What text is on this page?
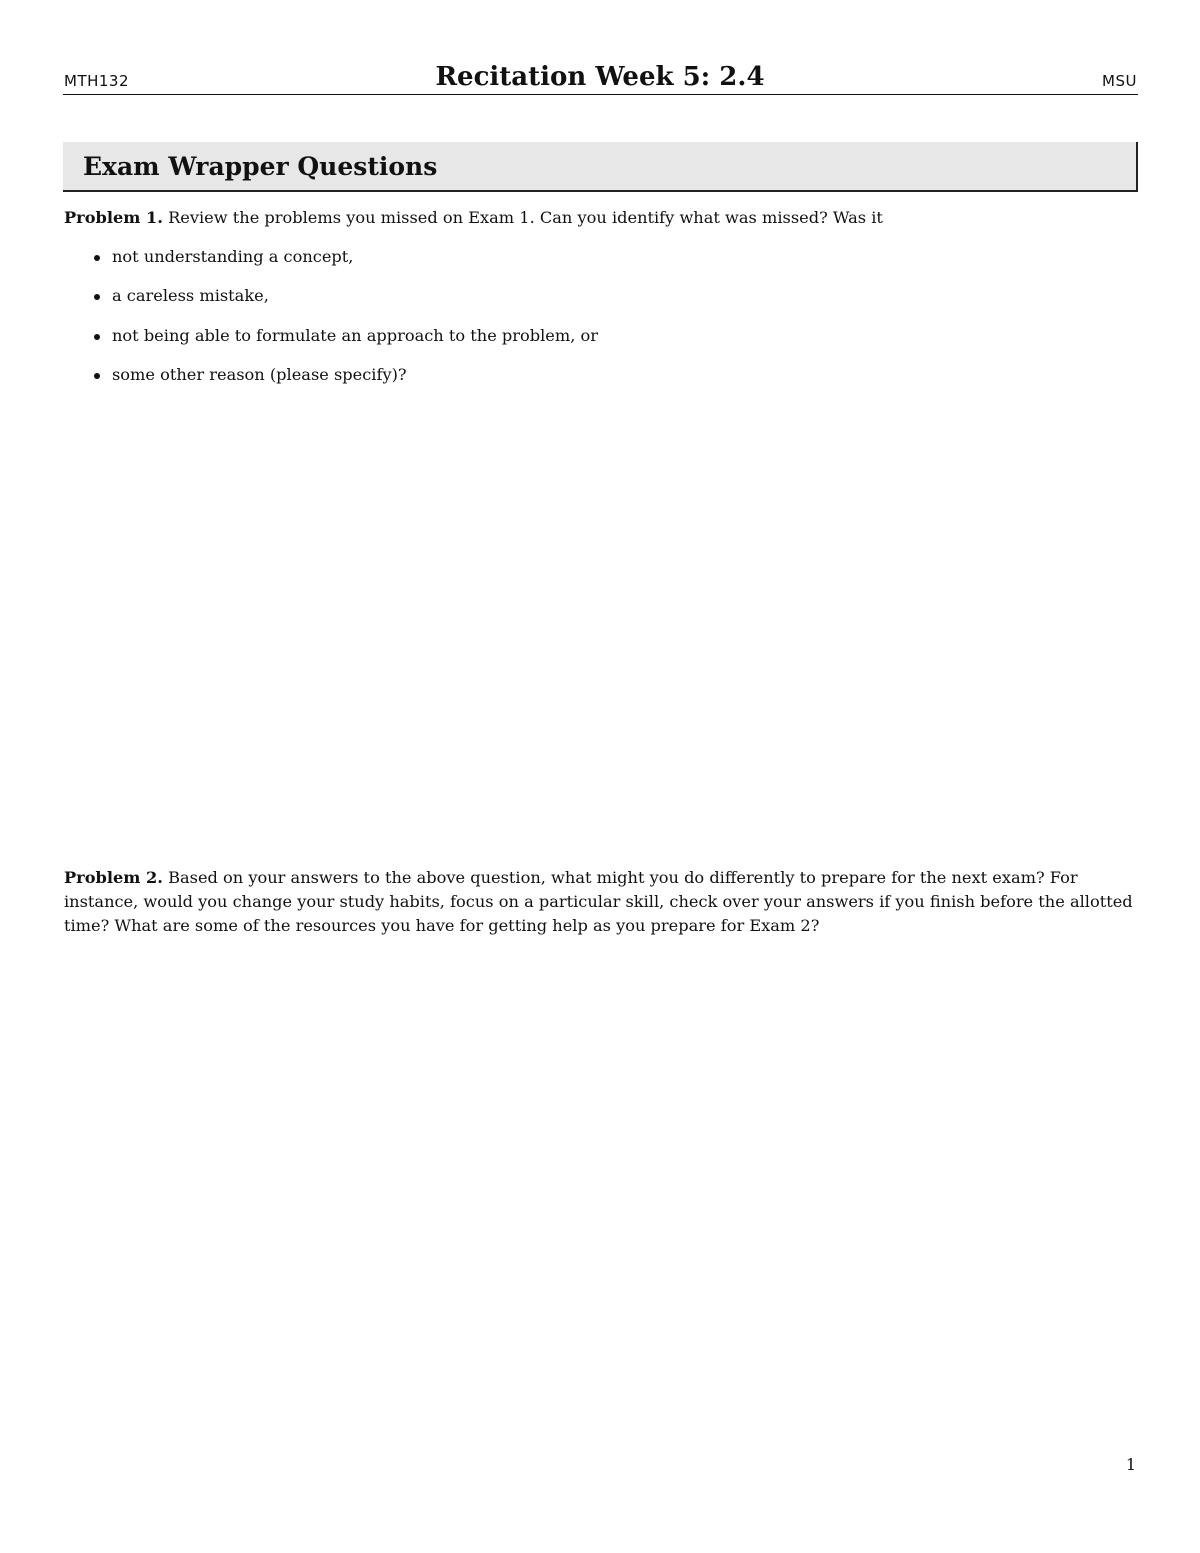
MTH132	Recitation Week 5: 2.4	MSU
Exam Wrapper Questions
Problem 1. Review the problems you missed on Exam 1. Can you identify what was missed? Was it
not understanding a concept,
a careless mistake,
not being able to formulate an approach to the problem, or
some other reason (please specify)?
Problem 2. Based on your answers to the above question, what might you do differently to prepare for the next exam? For instance, would you change your study habits, focus on a particular skill, check over your answers if you finish before the allotted time? What are some of the resources you have for getting help as you prepare for Exam 2?
1
